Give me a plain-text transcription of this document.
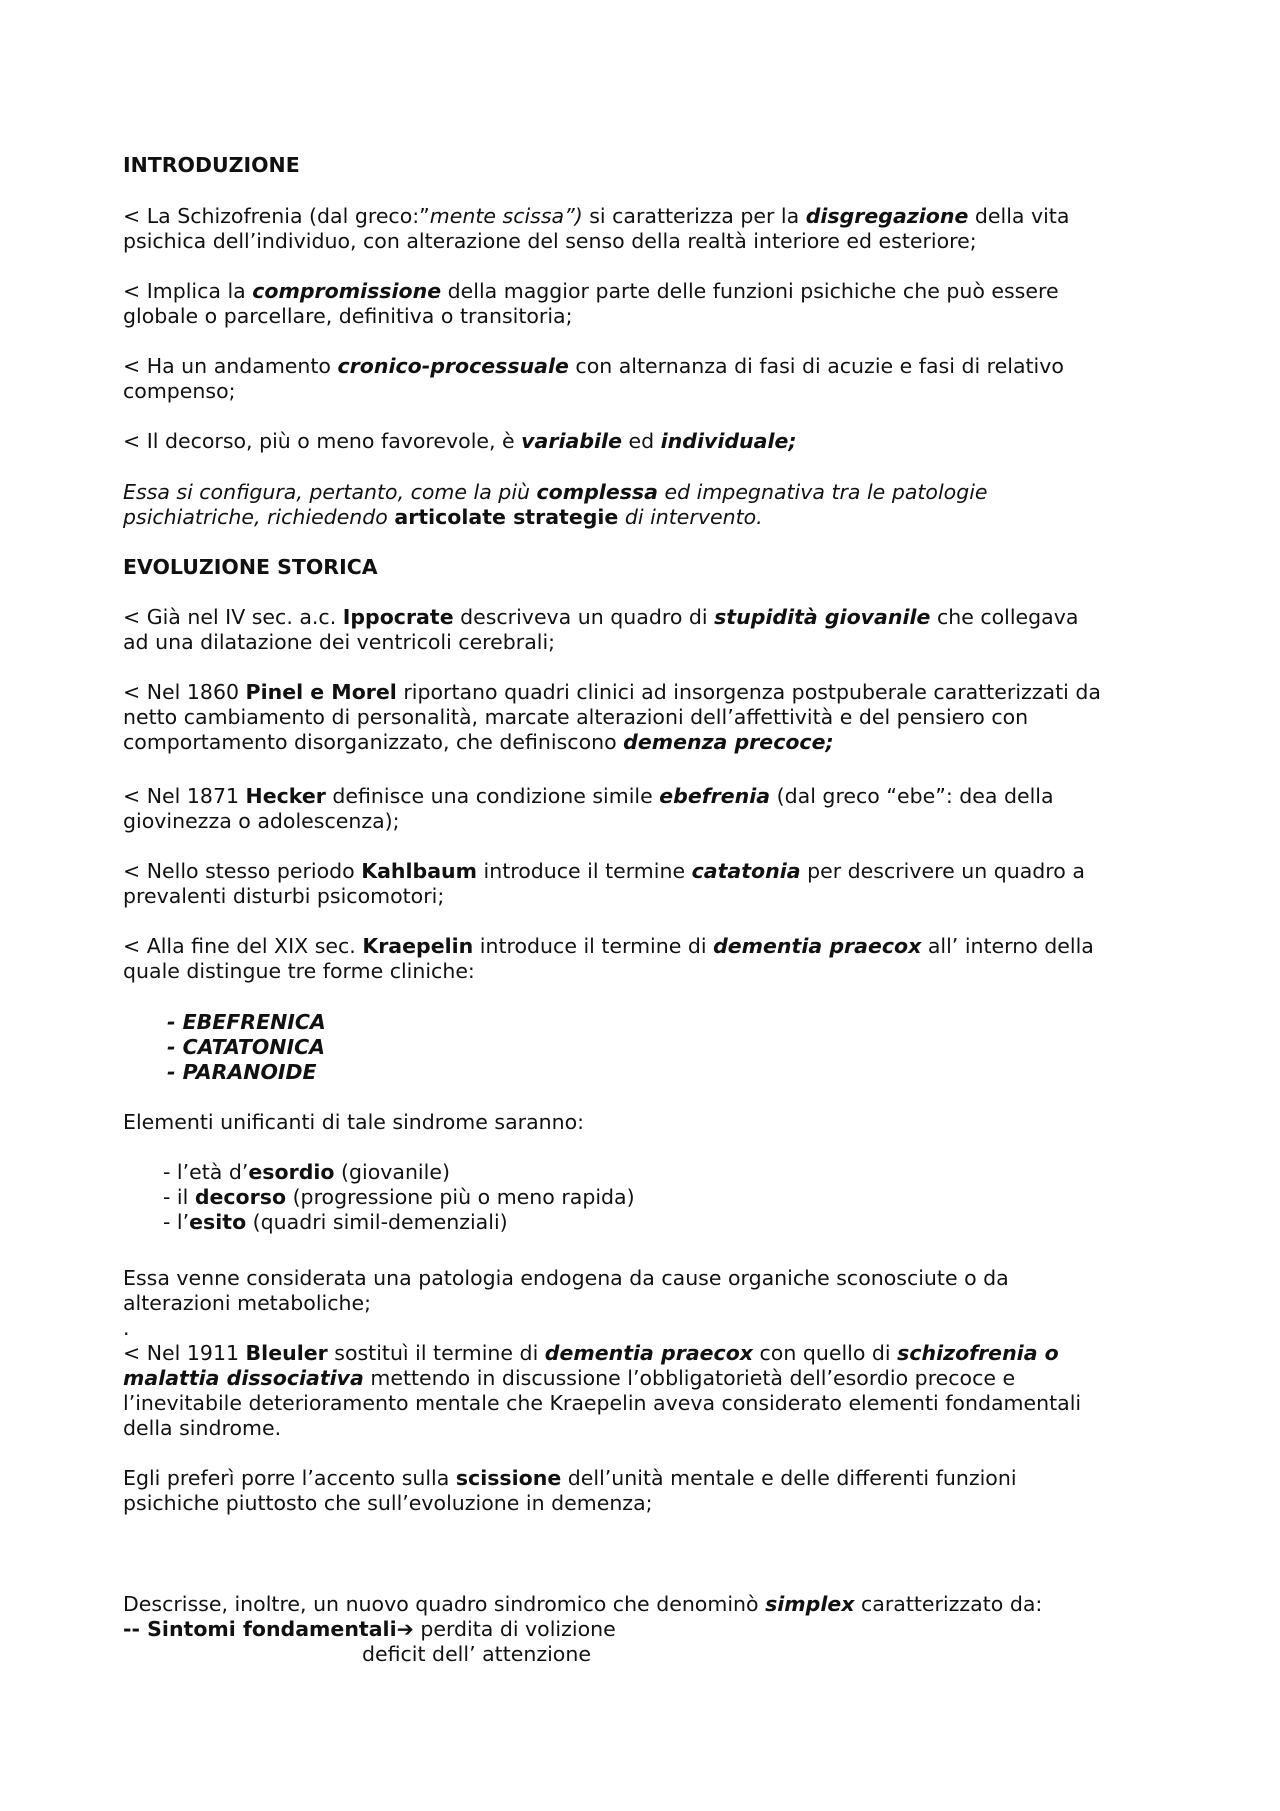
INTRODUZIONE
< La Schizofrenia (dal greco:”mente scissa”) si caratterizza per la disgregazione della vita
psichica dell’individuo, con alterazione del senso della realtà interiore ed esteriore;
< Implica la compromissione della maggior parte delle funzioni psichiche che può essere
globale o parcellare, definitiva o transitoria;
< Ha un andamento cronico-processuale con alternanza di fasi di acuzie e fasi di relativo
compenso;
< Il decorso, più o meno favorevole, è variabile ed individuale;
Essa si configura, pertanto, come la più complessa ed impegnativa tra le patologie
psichiatriche, richiedendo articolate strategie di intervento.
EVOLUZIONE STORICA
< Già nel IV sec. a.c. Ippocrate descriveva un quadro di stupidità giovanile che collegava
ad una dilatazione dei ventricoli cerebrali;
< Nel 1860 Pinel e Morel riportano quadri clinici ad insorgenza postpuberale caratterizzati da
netto cambiamento di personalità, marcate alterazioni dell’affettività e del pensiero con
comportamento disorganizzato, che definiscono demenza precoce;
< Nel 1871 Hecker definisce una condizione simile ebefrenia (dal greco “ebe”: dea della
giovinezza o adolescenza);
< Nello stesso periodo Kahlbaum introduce il termine catatonia per descrivere un quadro a
prevalenti disturbi psicomotori;
< Alla fine del XIX sec. Kraepelin introduce il termine di dementia praecox all’ interno della
quale distingue tre forme cliniche:
- EBEFRENICA
- CATATONICA
- PARANOIDE
Elementi unificanti di tale sindrome saranno:
- l’età d’esordio (giovanile)
- il decorso (progressione più o meno rapida)
- l’esito (quadri simil-demenziali)
Essa venne considerata una patologia endogena da cause organiche sconosciute o da
alterazioni metaboliche;
.
< Nel 1911 Bleuler sostituì il termine di dementia praecox con quello di schizofrenia o
malattia dissociativa mettendo in discussione l’obbligatorietà dell’esordio precoce e
l’inevitabile deterioramento mentale che Kraepelin aveva considerato elementi fondamentali
della sindrome.
Egli preferì porre l’accento sulla scissione dell’unità mentale e delle differenti funzioni
psichiche piuttosto che sull’evoluzione in demenza;
Descrisse, inoltre, un nuovo quadro sindromico che denominò simplex caratterizzato da:
-- Sintomi fondamentali➔ perdita di volizione
deficit dell’ attenzione
